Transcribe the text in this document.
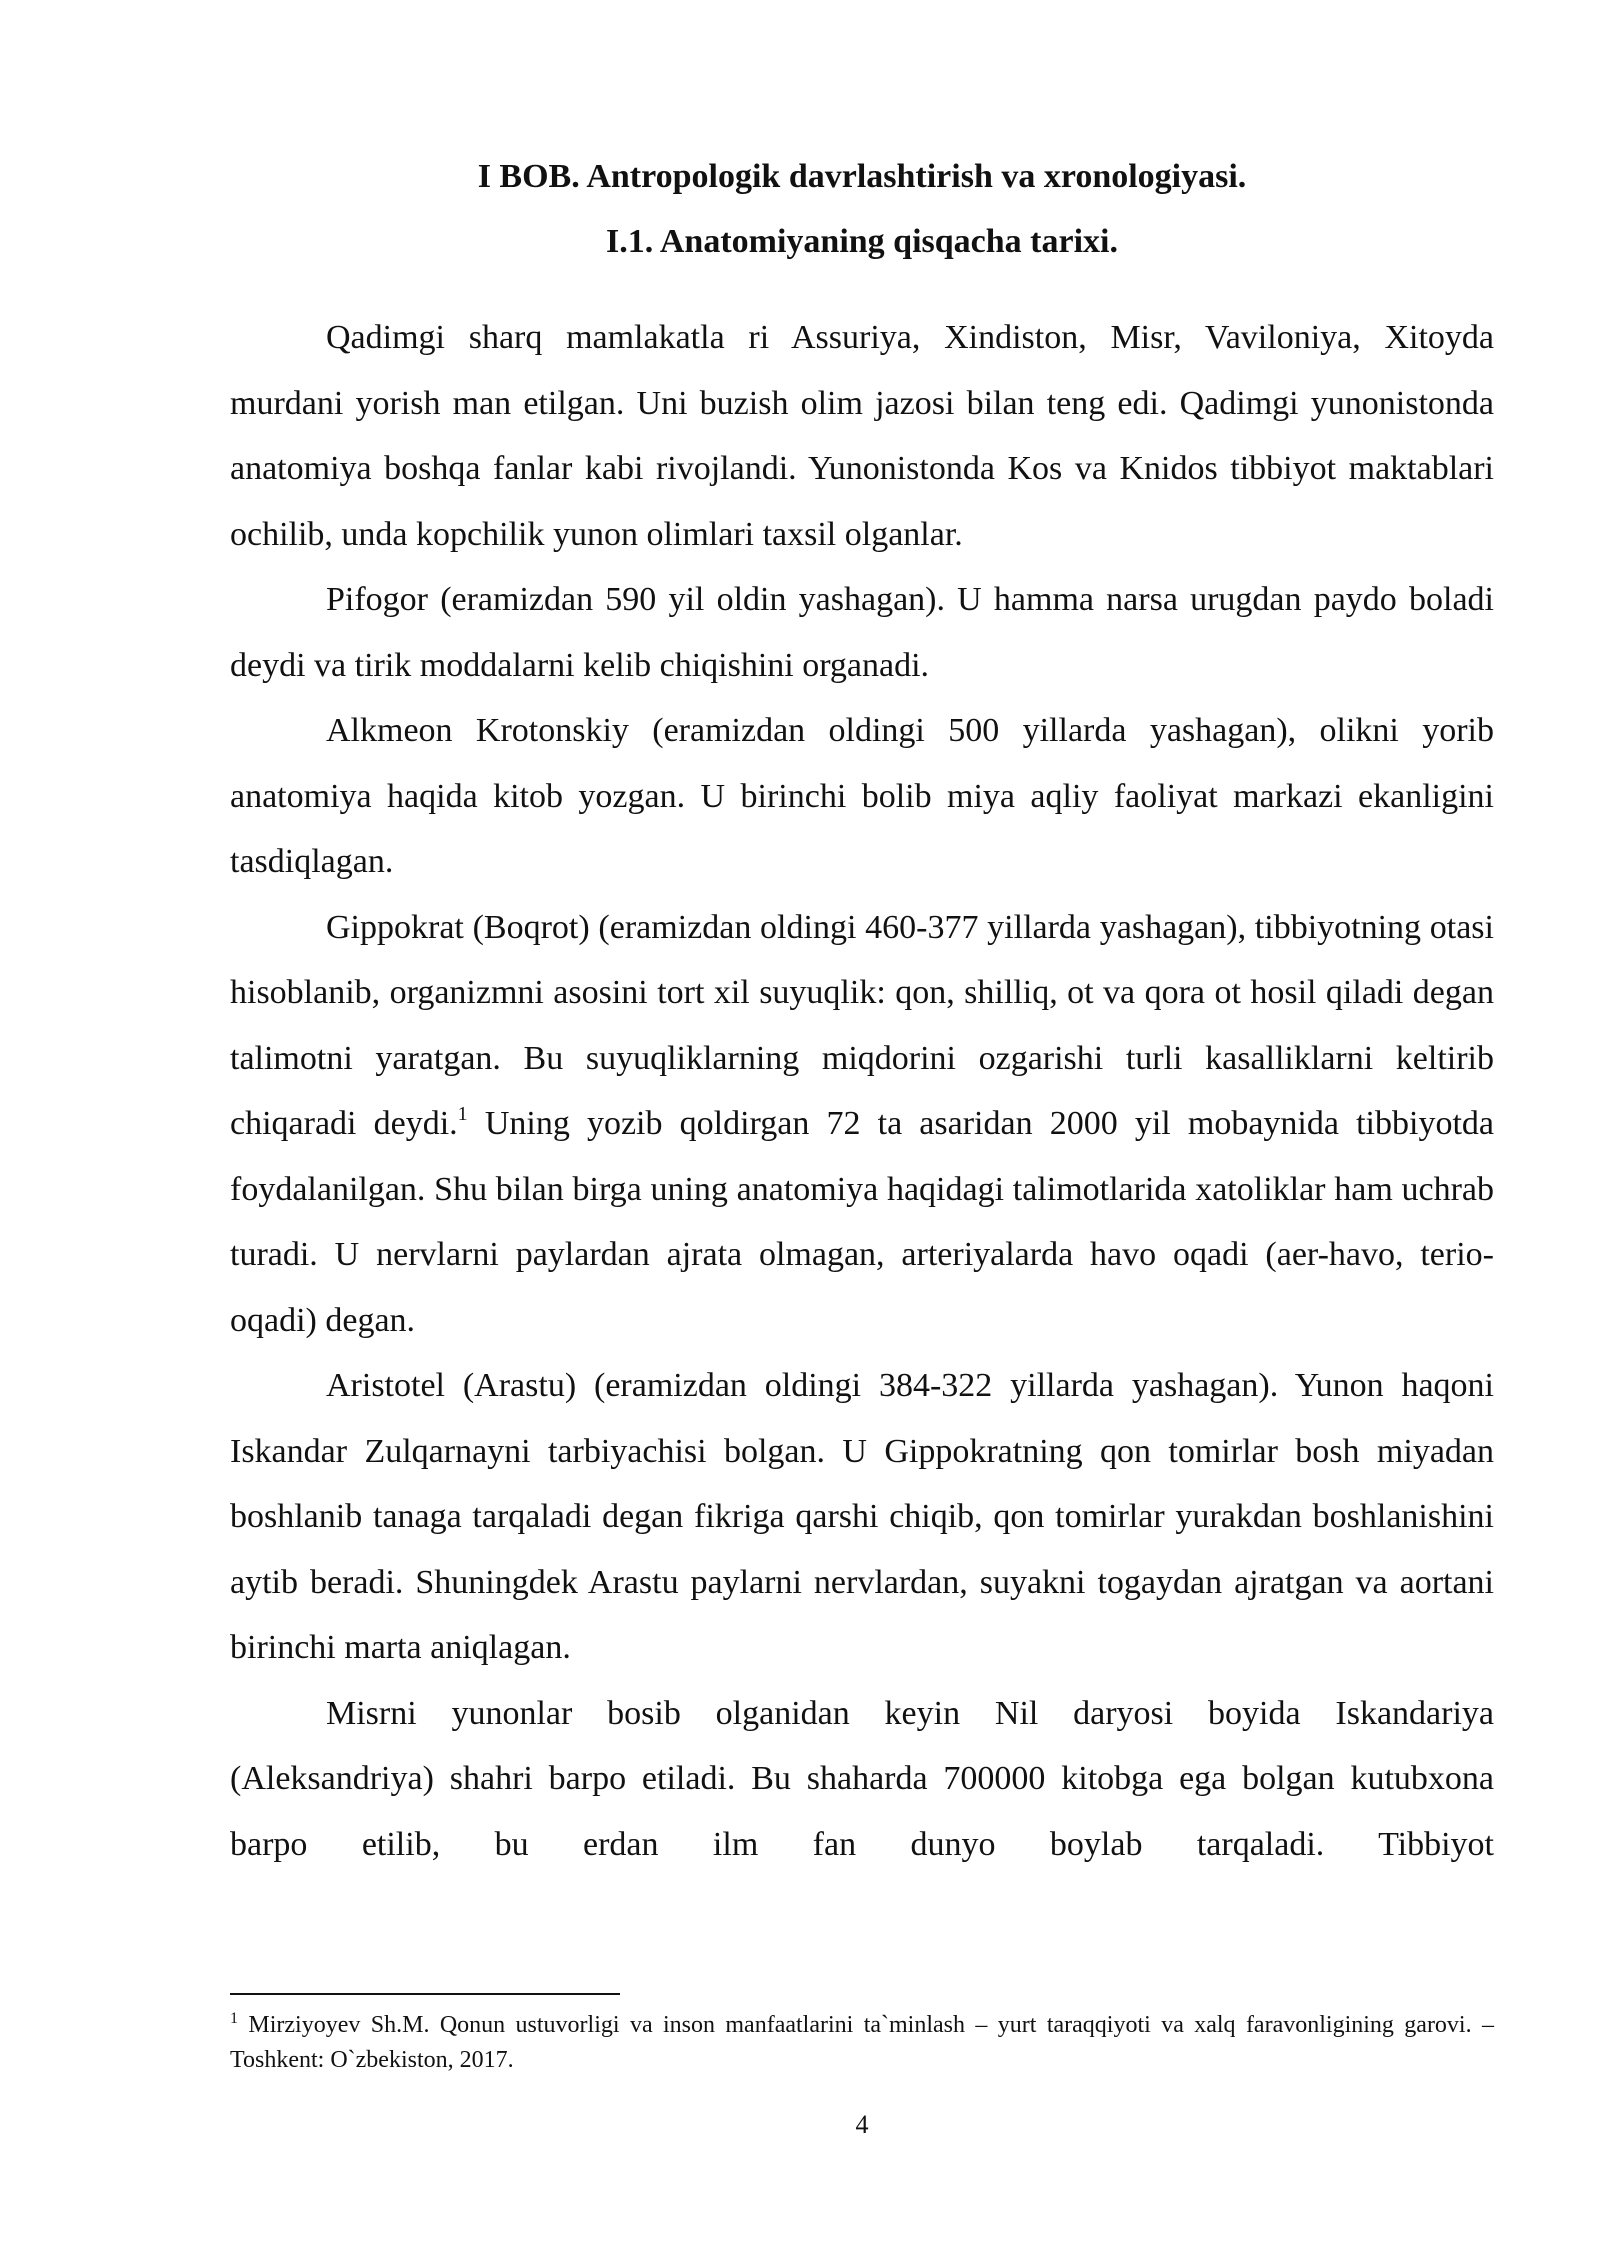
I BOB. Antropologik davrlashtirish va xronologiyasi.
I.1. Anatomiyaning qisqacha tarixi.

Qadimgi sharq mamlakatla ri Assuriya, Xindiston, Misr, Vaviloniya, Xitoyda murdani yorish man etilgan. Uni buzish olim jazosi bilan teng edi. Qadimgi yunonistonda anatomiya boshqa fanlar kabi rivojlandi. Yunonistonda Kos va Knidos tibbiyot maktablari ochilib, unda kopchilik yunon olimlari taxsil olganlar.

Pifogor (eramizdan 590 yil oldin yashagan). U hamma narsa urugdan paydo boladi deydi va tirik moddalarni kelib chiqishini organadi.

Alkmeon Krotonskiy (eramizdan oldingi 500 yillarda yashagan), olikni yorib anatomiya haqida kitob yozgan. U birinchi bolib miya aqliy faoliyat markazi ekanligini tasdiqlagan.

Gippokrat (Boqrot) (eramizdan oldingi 460-377 yillarda yashagan), tibbiyotning otasi hisoblanib, organizmni asosini tort xil suyuqlik: qon, shilliq, ot va qora ot hosil qiladi degan talimotni yaratgan. Bu suyuqliklarning miqdorini ozgarishi turli kasalliklarni keltirib chiqaradi deydi.$^1$ Uning yozib qoldirgan 72 ta asaridan 2000 yil mobaynida tibbiyotda foydalanilgan. Shu bilan birga uning anatomiya haqidagi talimotlarida xatoliklar ham uchrab turadi. U nervlarni paylardan ajrata olmagan, arteriyalarda havo oqadi (aer-havo, terio-oqadi) degan.

Aristotel (Arastu) (eramizdan oldingi 384-322 yillarda yashagan). Yunon haqoni Iskandar Zulqarnayni tarbiyachisi bolgan. U Gippokratning qon tomirlar bosh miyadan boshlanib tanaga tarqaladi degan fikriga qarshi chiqib, qon tomirlar yurakdan boshlanishini aytib beradi. Shuningdek Arastu paylarni nervlardan, suyakni togaydan ajratgan va aortani birinchi marta aniqlagan.

Misrni yunonlar bosib olganidan keyin Nil daryosi boyida Iskandariya (Aleksandriya) shahri barpo etiladi. Bu shaharda 700000 kitobga ega bolgan kutubxona barpo etilib, bu erdan ilm fan dunyo boylab tarqaladi. Tibbiyot

$^1$ Mirziyoyev Sh.M. Qonun ustuvorligi va inson manfaatlarini ta`minlash – yurt taraqqiyoti va xalq faravonligining garovi. – Toshkent: O`zbekiston, 2017.

4
